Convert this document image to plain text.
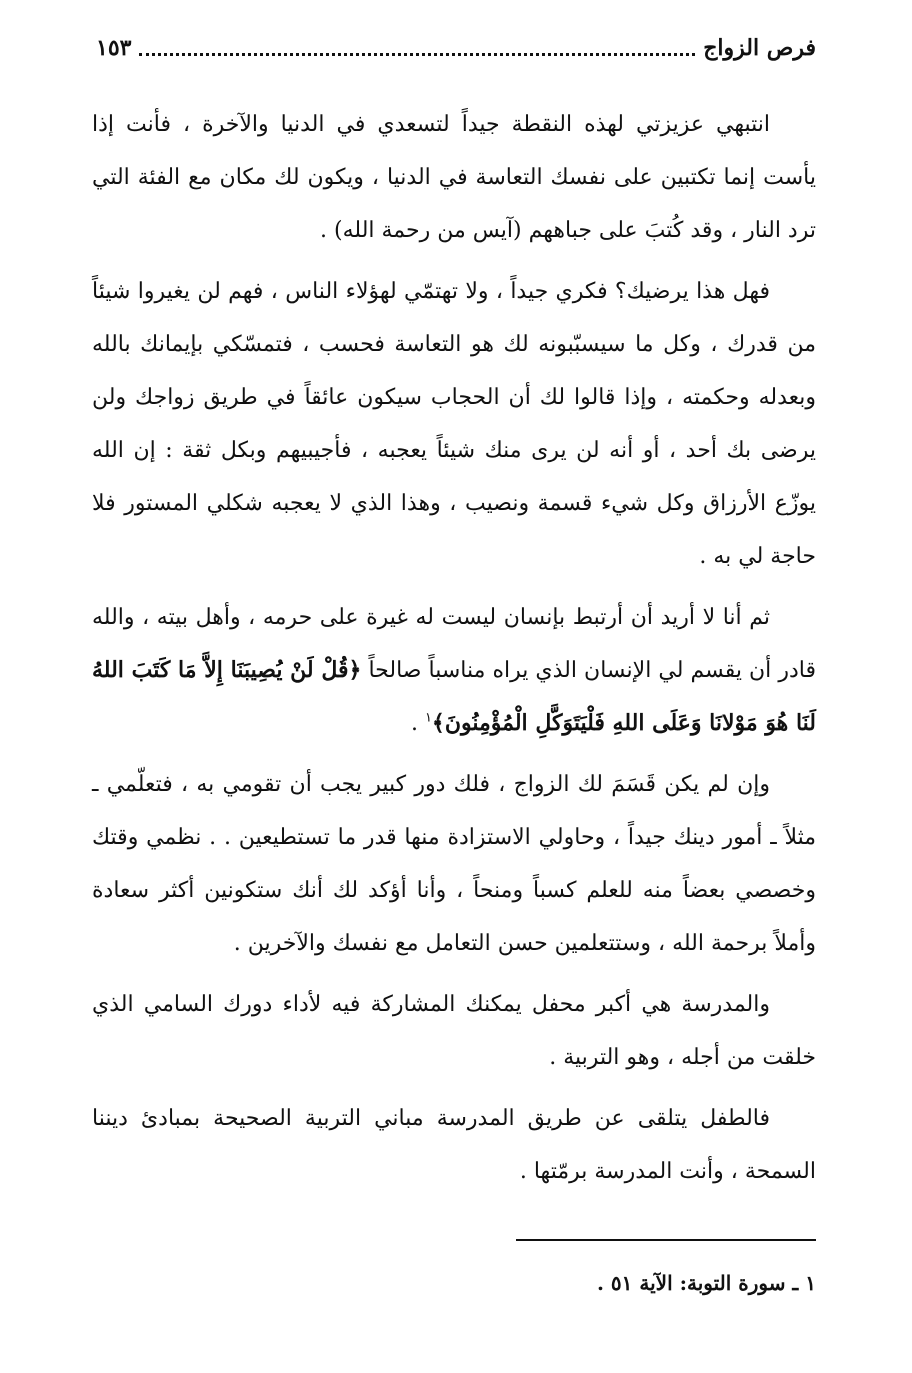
١٥٣	فرص الزواج

انتبهي عزيزتي لهذه النقطة جيداً لتسعدي في الدنيا والآخرة ، فأنت إذا يأست إنما تكتبين على نفسك التعاسة في الدنيا ، ويكون لك مكان مع الفئة التي ترد النار ، وقد كُتبَ على جباههم (آيس من رحمة الله) .

فهل هذا يرضيك؟ فكري جيداً ، ولا تهتمّي لهؤلاء الناس ، فهم لن يغيروا شيئاً من قدرك ، وكل ما سيسبّبونه لك هو التعاسة فحسب ، فتمسّكي بإيمانك بالله وبعدله وحكمته ، وإذا قالوا لك أن الحجاب سيكون عائقاً في طريق زواجك ولن يرضى بك أحد ، أو أنه لن يرى منك شيئاً يعجبه ، فأجيبيهم وبكل ثقة : إن الله يوزّع الأرزاق وكل شيء قسمة ونصيب ، وهذا الذي لا يعجبه شكلي المستور فلا حاجة لي به .

ثم أنا لا أريد أن أرتبط بإنسان ليست له غيرة على حرمه ، وأهل بيته ، والله قادر أن يقسم لي الإنسان الذي يراه مناسباً صالحاً ﴿قُلْ لَنْ يُصِيبَنَا إِلاَّ مَا كَتَبَ اللهُ لَنَا هُوَ مَوْلانَا وَعَلَى اللهِ فَلْيَتَوَكَّلِ الْمُؤْمِنُونَ﴾$^١$ .

وإن لم يكن قَسَمَ لك الزواج ، فلك دور كبير يجب أن تقومي به ، فتعلّمي ـ مثلاً ـ أمور دينك جيداً ، وحاولي الاستزادة منها قدر ما تستطيعين . . نظمي وقتك وخصصي بعضاً منه للعلم كسباً ومنحاً ، وأنا أؤكد لك أنك ستكونين أكثر سعادة وأملاً برحمة الله ، وستتعلمين حسن التعامل مع نفسك والآخرين .

والمدرسة هي أكبر محفل يمكنك المشاركة فيه لأداء دورك السامي الذي خلقت من أجله ، وهو التربية .

فالطفل يتلقى عن طريق المدرسة مباني التربية الصحيحة بمبادئ ديننا السمحة ، وأنت المدرسة برمّتها .

١ ـ سورة التوبة: الآية ٥١ .
